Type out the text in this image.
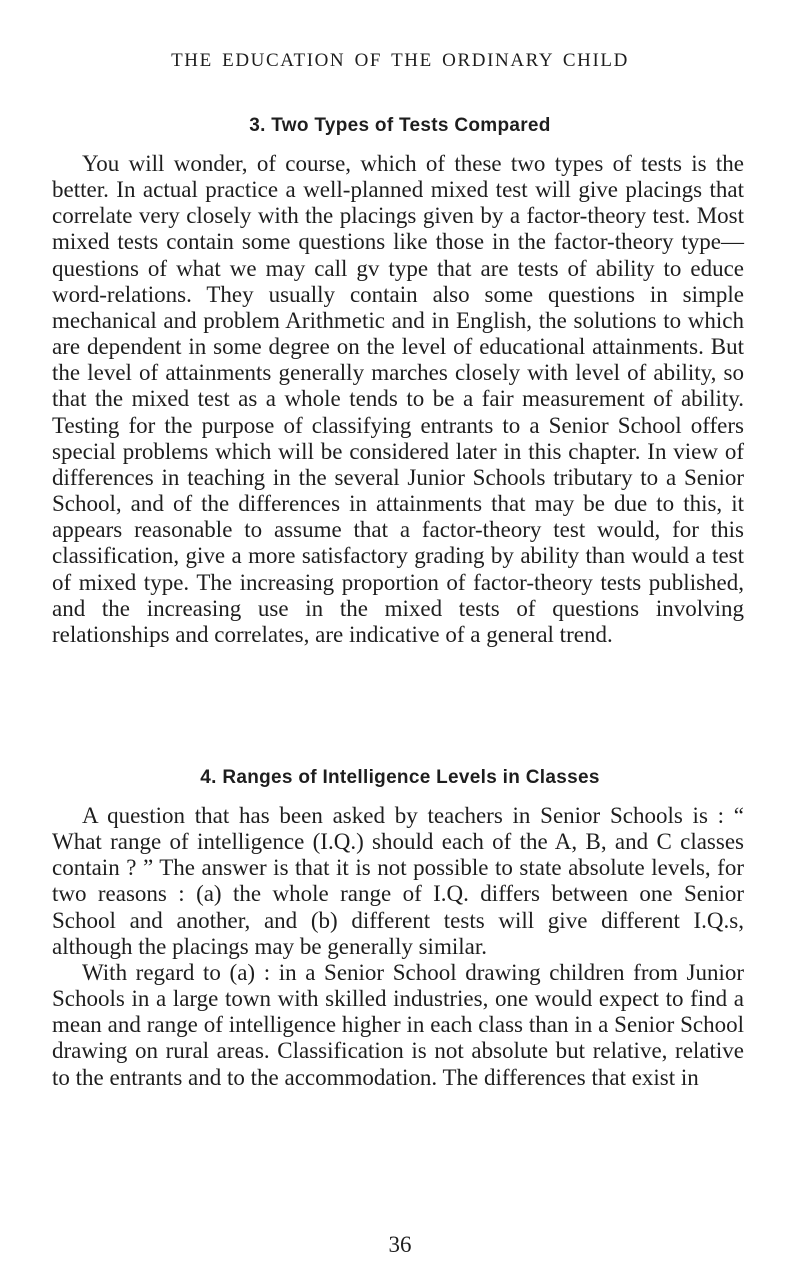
THE EDUCATION OF THE ORDINARY CHILD
3. Two Types of Tests Compared

You will wonder, of course, which of these two types of tests is the better. In actual practice a well-planned mixed test will give placings that correlate very closely with the placings given by a factor-theory test. Most mixed tests contain some questions like those in the factor-theory type—questions of what we may call gv type that are tests of ability to educe word-relations. They usually contain also some questions in simple mechanical and problem Arithmetic and in English, the solutions to which are dependent in some degree on the level of educational attainments. But the level of attainments generally marches closely with level of ability, so that the mixed test as a whole tends to be a fair measurement of ability. Testing for the purpose of classifying entrants to a Senior School offers special problems which will be considered later in this chapter. In view of differences in teaching in the several Junior Schools tributary to a Senior School, and of the differences in attainments that may be due to this, it appears reasonable to assume that a factor-theory test would, for this classification, give a more satisfactory grading by ability than would a test of mixed type. The increasing proportion of factor-theory tests published, and the increasing use in the mixed tests of questions involving relationships and correlates, are indicative of a general trend.

4. Ranges of Intelligence Levels in Classes

A question that has been asked by teachers in Senior Schools is : “ What range of intelligence (I.Q.) should each of the A, B, and C classes contain ? ” The answer is that it is not possible to state absolute levels, for two reasons : (a) the whole range of I.Q. differs between one Senior School and another, and (b) different tests will give different I.Q.s, although the placings may be generally similar.

With regard to (a) : in a Senior School drawing children from Junior Schools in a large town with skilled industries, one would expect to find a mean and range of intelligence higher in each class than in a Senior School drawing on rural areas. Classification is not absolute but relative, relative to the entrants and to the accommodation. The differences that exist in

36
